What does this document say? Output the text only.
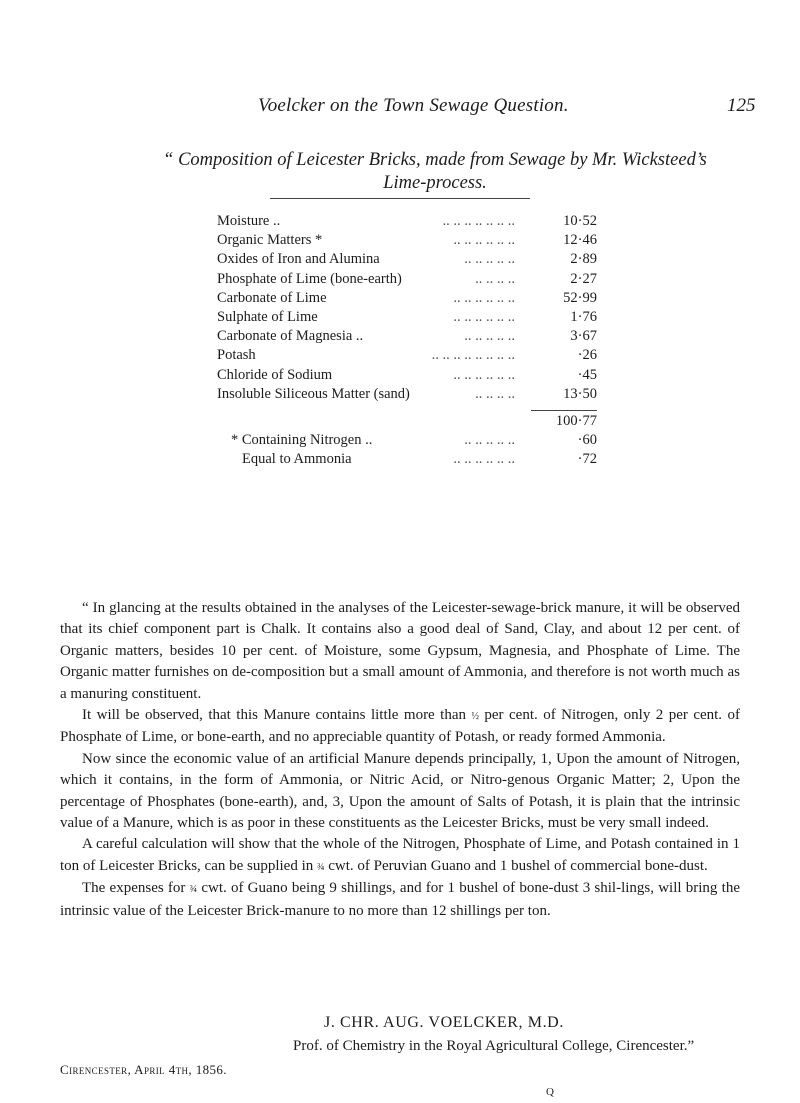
Voelcker on the Town Sewage Question.	125
“ Composition of Leicester Bricks, made from Sewage by Mr. Wicksteed’s
Lime-process.
Moisture ..	.. .. .. .. .. .. ..	10·52
Organic Matters *	.. .. .. .. .. ..	12·46
Oxides of Iron and Alumina	.. .. .. .. ..	2·89
Phosphate of Lime (bone-earth)	.. .. .. ..	2·27
Carbonate of Lime	.. .. .. .. .. ..	52·99
Sulphate of Lime	.. .. .. .. .. ..	1·76
Carbonate of Magnesia ..	.. .. .. .. ..	3·67
Potash	.. .. .. .. .. .. .. ..	·26
Chloride of Sodium	.. .. .. .. .. ..	·45
Insoluble Siliceous Matter (sand)	.. .. .. ..	13·50
100·77
* Containing Nitrogen ..	.. .. .. .. ..	·60
Equal to Ammonia	.. .. .. .. .. ..	·72

“ In glancing at the results obtained in the analyses of the Leicester-sewage-brick manure, it will be observed that its chief component part is Chalk. It contains also a good deal of Sand, Clay, and about 12 per cent. of Organic matters, besides 10 per cent. of Moisture, some Gypsum, Magnesia, and Phosphate of Lime. The Organic matter furnishes on de-composition but a small amount of Ammonia, and therefore is not worth much as a manuring constituent.

It will be observed, that this Manure contains little more than ½ per cent. of Nitrogen, only 2 per cent. of Phosphate of Lime, or bone-earth, and no appreciable quantity of Potash, or ready formed Ammonia.

Now since the economic value of an artificial Manure depends principally, 1, Upon the amount of Nitrogen, which it contains, in the form of Ammonia, or Nitric Acid, or Nitro-genous Organic Matter; 2, Upon the percentage of Phosphates (bone-earth), and, 3, Upon the amount of Salts of Potash, it is plain that the intrinsic value of a Manure, which is as poor in these constituents as the Leicester Bricks, must be very small indeed.

A careful calculation will show that the whole of the Nitrogen, Phosphate of Lime, and Potash contained in 1 ton of Leicester Bricks, can be supplied in ¾ cwt. of Peruvian Guano and 1 bushel of commercial bone-dust.

The expenses for ¾ cwt. of Guano being 9 shillings, and for 1 bushel of bone-dust 3 shil-lings, will bring the intrinsic value of the Leicester Brick-manure to no more than 12 shillings per ton.

J. CHR. AUG. VOELCKER, M.D.
Prof. of Chemistry in the Royal Agricultural College, Cirencester.”
Cirencester, April 4th, 1856.
Q
